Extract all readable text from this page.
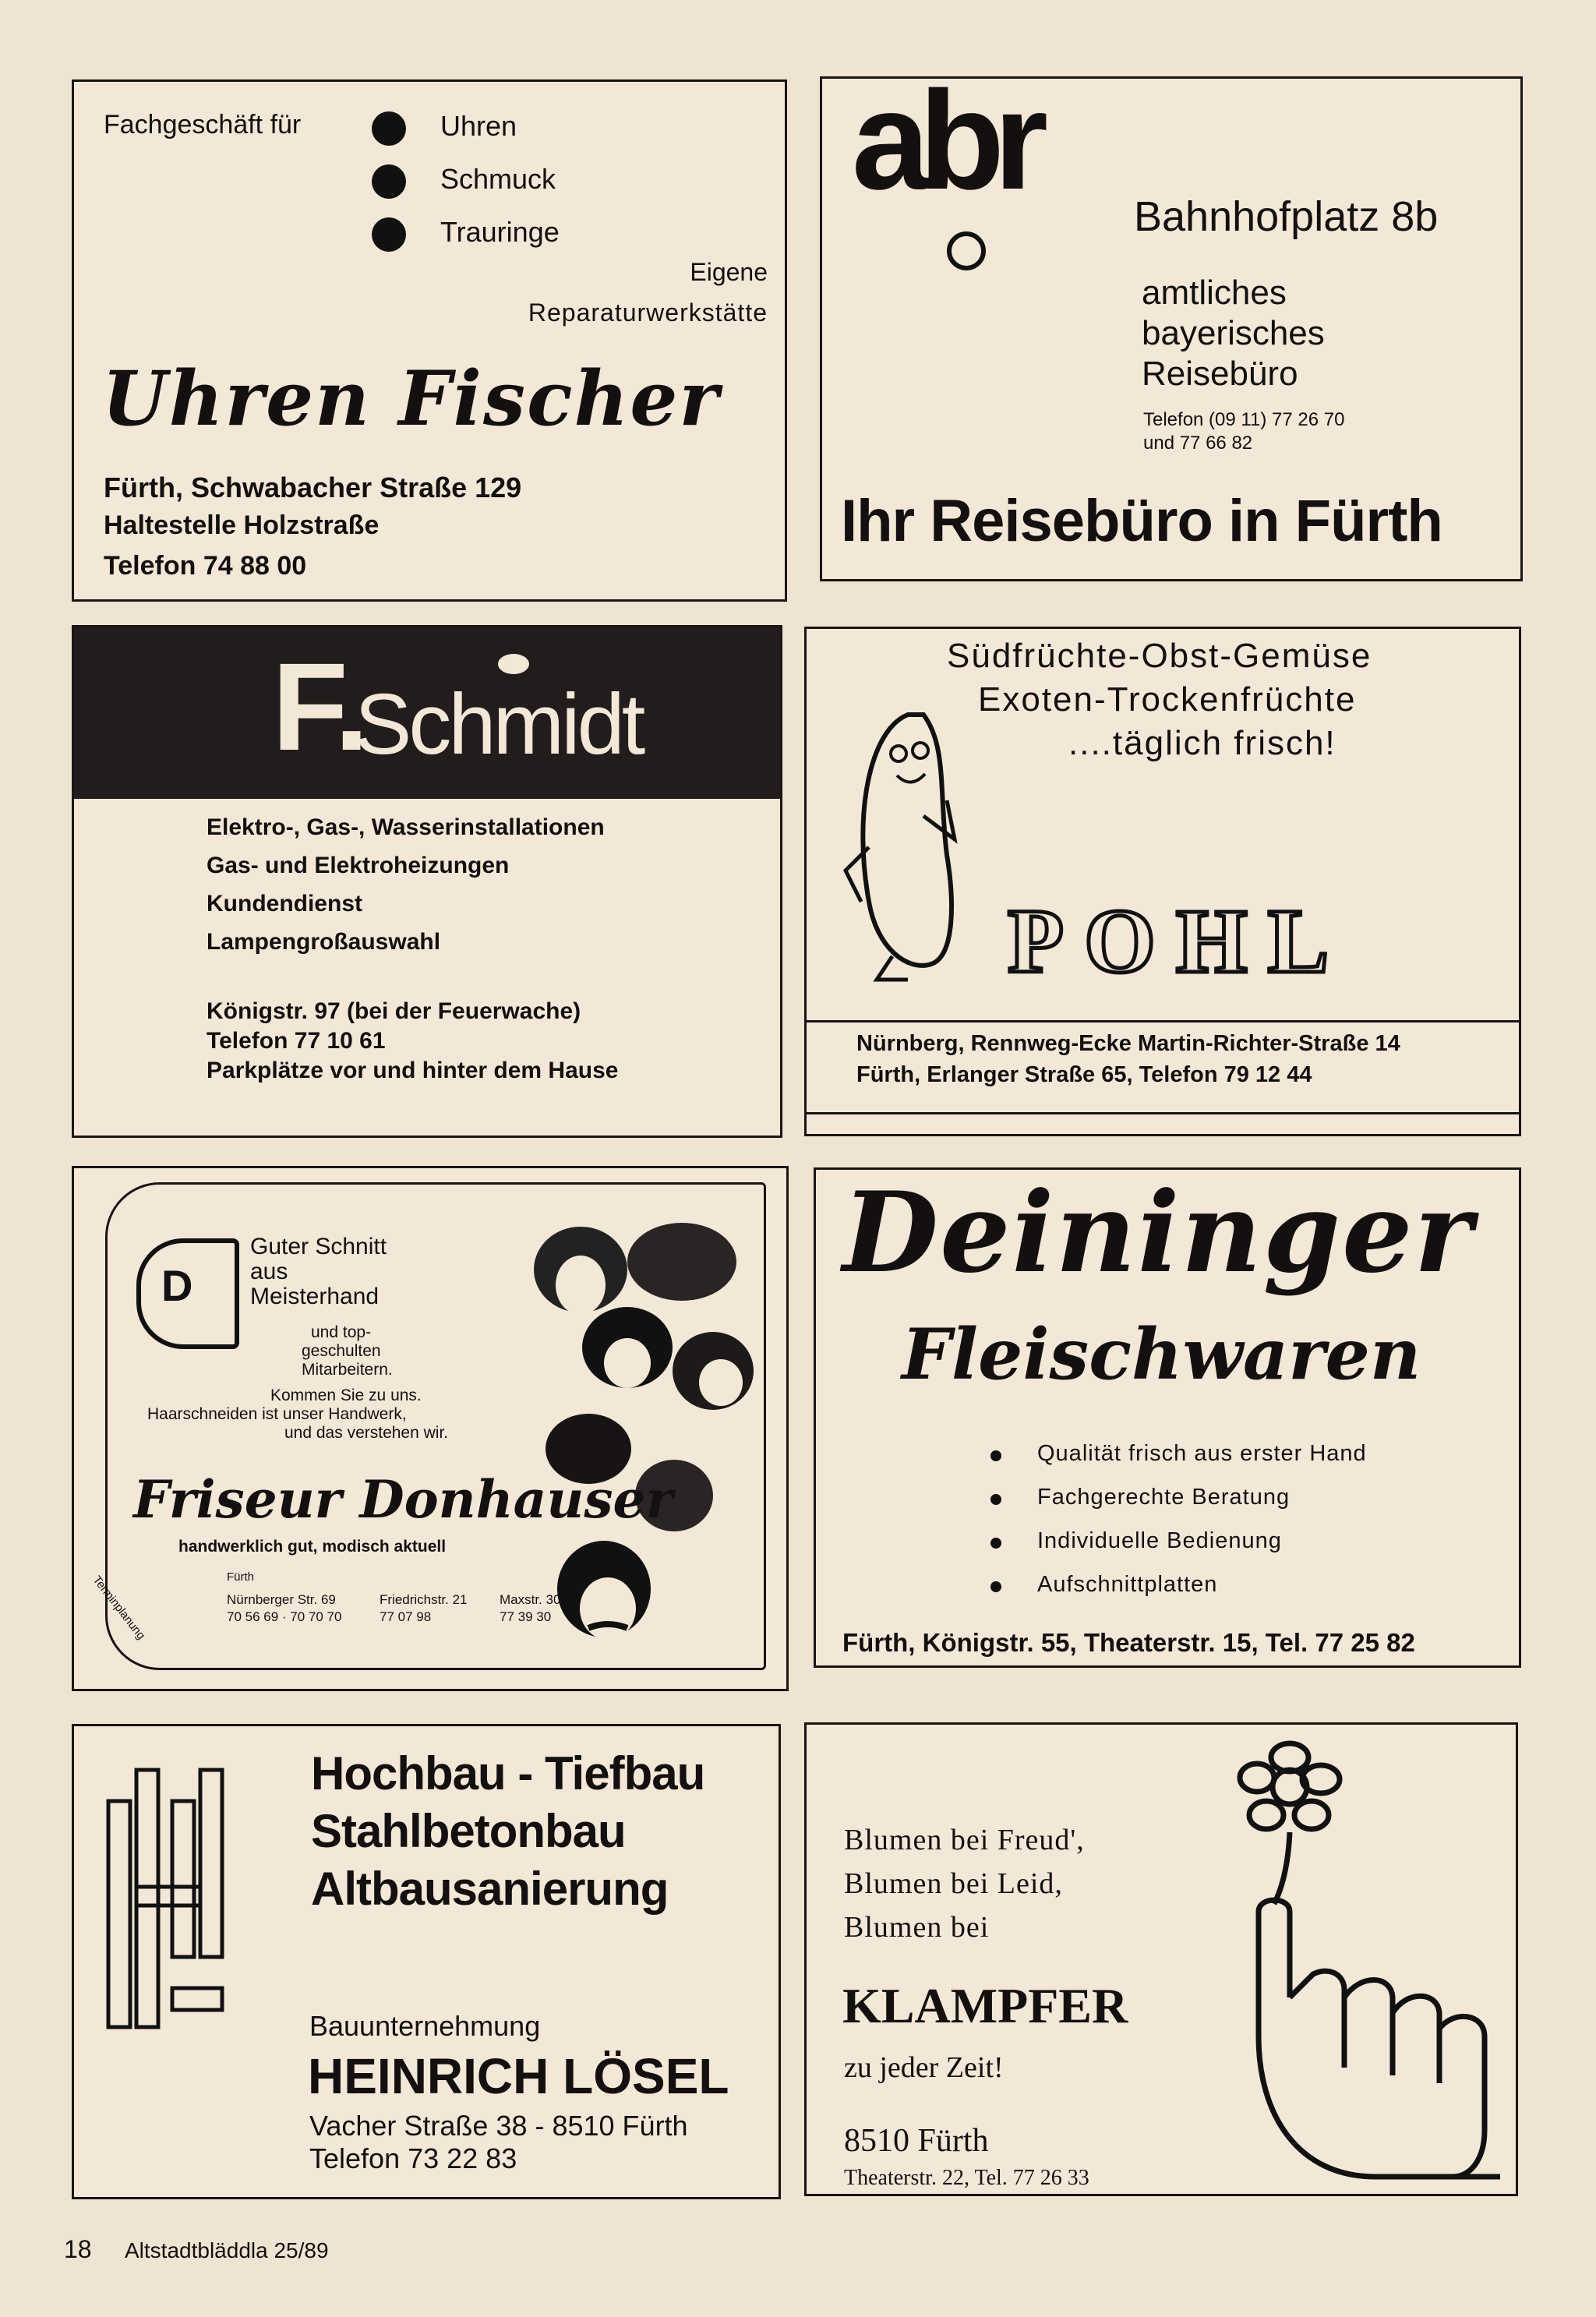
Fachgeschäft für	Uhren
Schmuck
Trauringe
Eigene
Reparaturwerkstätte
Uhren Fischer
Fürth, Schwabacher Straße 129
Haltestelle Holzstraße
Telefon 74 88 00
abr Bahnhofplatz 8b
amtliches
bayerisches
Reisebüro
Telefon (09 11) 77 26 70
und 77 66 82
Ihr Reisebüro in Fürth
F.
Schmidt
Elektro-, Gas-, Wasserinstallationen
Gas- und Elektroheizungen
Kundendienst
Lampengroßauswahl
Königstr. 97 (bei der Feuerwache)
Telefon 77 10 61
Parkplätze vor und hinter dem Hause
Südfrüchte-Obst-Gemüse
Exoten-Trockenfrüchte
....täglich frisch!
POHL
Nürnberg, Rennweg-Ecke Martin-Richter-Straße 14
Fürth, Erlanger Straße 65, Telefon 79 12 44
D
Guter Schnitt
aus
Meisterhand
und top-
geschulten
Mitarbeitern.
Kommen Sie zu uns.
Haarschneiden ist unser Handwerk,
und das verstehen wir.
Friseur Donhauser
handwerklich gut, modisch aktuell
Terminplanung	Fürth
Nürnberger Str. 69
70 56 69 · 70 70 70
Friedrichstr. 21
77 07 98
Maxstr. 30
77 39 30
Deininger
Fleischwaren
Qualität frisch aus erster Hand
Fachgerechte Beratung
Individuelle Bedienung
Aufschnittplatten
Fürth, Königstr. 55, Theaterstr. 15, Tel. 77 25 82
Hochbau - Tiefbau
Stahlbetonbau
Altbausanierung
Bauunternehmung
HEINRICH LÖSEL
Vacher Straße 38 - 8510 Fürth
Telefon 73 22 83
Blumen bei Freud',
Blumen bei Leid,
Blumen bei
KLAMPFER
zu jeder Zeit!
8510 Fürth
Theaterstr. 22, Tel. 77 26 33
18 Altstadtbläddla 25/89
